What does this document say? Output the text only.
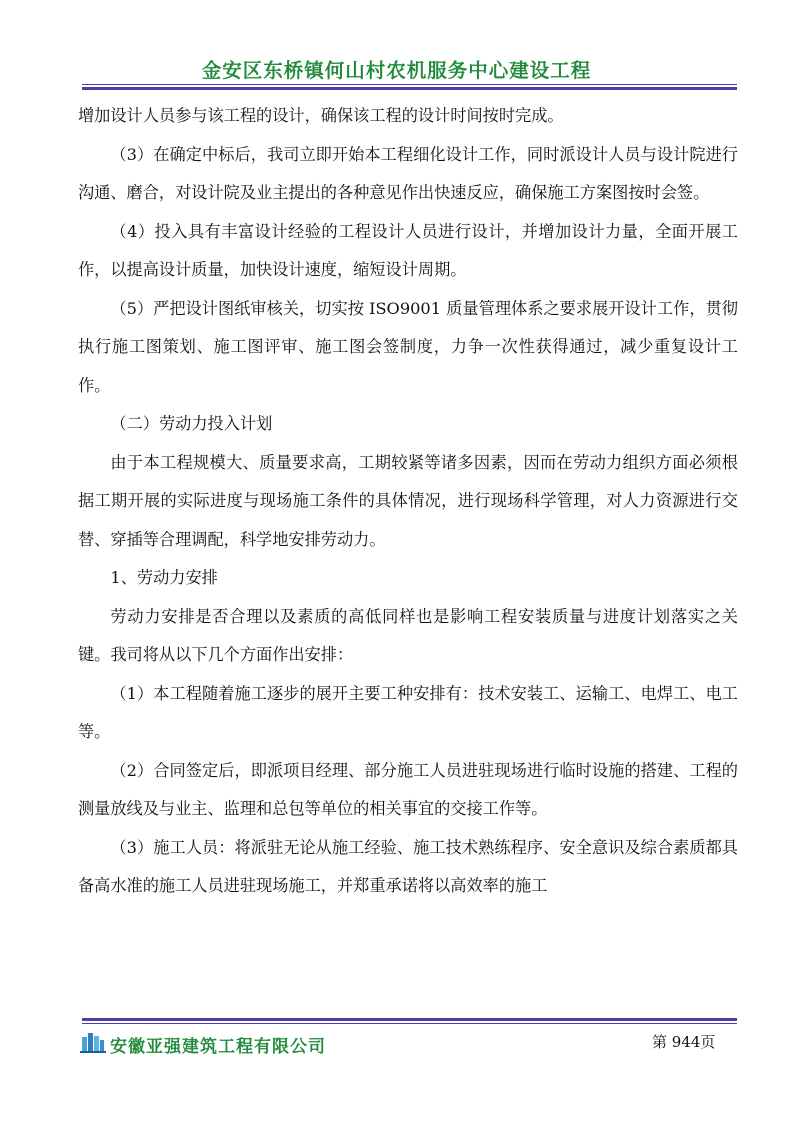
金安区东桥镇何山村农机服务中心建设工程

增加设计人员参与该工程的设计，确保该工程的设计时间按时完成。

（3）在确定中标后，我司立即开始本工程细化设计工作，同时派设计人员与设计院进行沟通、磨合，对设计院及业主提出的各种意见作出快速反应，确保施工方案图按时会签。

（4）投入具有丰富设计经验的工程设计人员进行设计，并增加设计力量，全面开展工作，以提高设计质量，加快设计速度，缩短设计周期。

（5）严把设计图纸审核关，切实按 ISO9001 质量管理体系之要求展开设计工作，贯彻执行施工图策划、施工图评审、施工图会签制度，力争一次性获得通过，减少重复设计工作。

（二）劳动力投入计划

由于本工程规模大、质量要求高，工期较紧等诸多因素，因而在劳动力组织方面必须根据工期开展的实际进度与现场施工条件的具体情况，进行现场科学管理，对人力资源进行交替、穿插等合理调配，科学地安排劳动力。

1、劳动力安排

劳动力安排是否合理以及素质的高低同样也是影响工程安装质量与进度计划落实之关键。我司将从以下几个方面作出安排：

（1）本工程随着施工逐步的展开主要工种安排有：技术安装工、运输工、电焊工、电工等。

（2）合同签定后，即派项目经理、部分施工人员进驻现场进行临时设施的搭建、工程的测量放线及与业主、监理和总包等单位的相关事宜的交接工作等。

（3）施工人员：将派驻无论从施工经验、施工技术熟练程序、安全意识及综合素质都具备高水准的施工人员进驻现场施工，并郑重承诺将以高效率的施工

安徽亚强建筑工程有限公司	第 944页
